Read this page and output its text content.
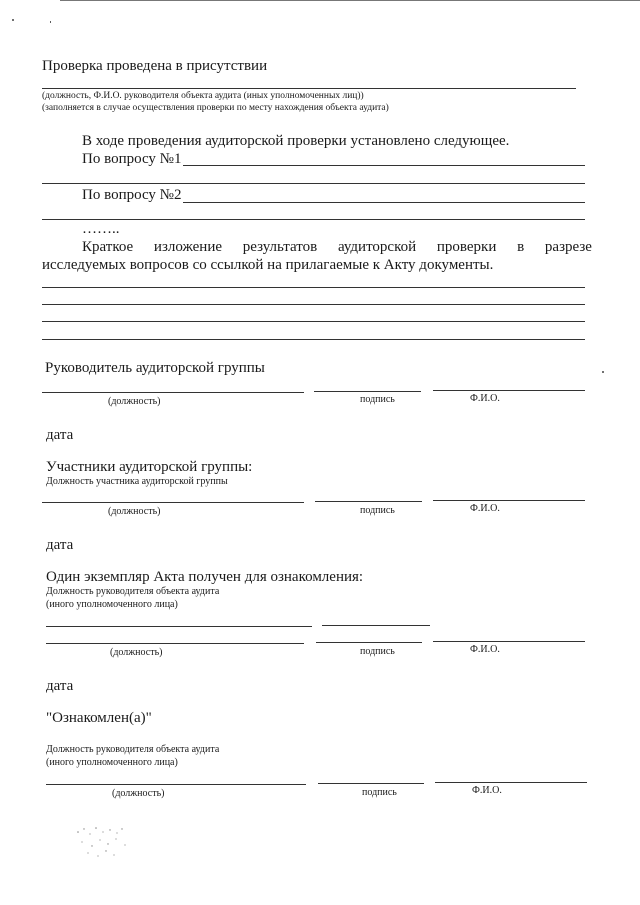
Проверка проведена в присутствии
(должность, Ф.И.О. руководителя объекта аудита (иных уполномоченных лиц))
(заполняется в случае осуществления проверки по месту нахождения объекта аудита)
В ходе проведения аудиторской проверки установлено следующее.
По вопросу №1
По вопросу №2
……..
Краткое изложение результатов аудиторской проверки в разрезе
исследуемых вопросов со ссылкой на прилагаемые к Акту документы.
Руководитель аудиторской группы
(должность)	подпись	Ф.И.О.
дата
Участники аудиторской группы:
Должность участника аудиторской группы
(должность)	подпись	Ф.И.О.
дата
Один экземпляр Акта получен для ознакомления:
Должность руководителя объекта аудита
(иного уполномоченного лица)
(должность)	подпись	Ф.И.О.
дата
"Ознакомлен(а)"
Должность руководителя объекта аудита
(иного уполномоченного лица)
(должность)	подпись	Ф.И.О.
